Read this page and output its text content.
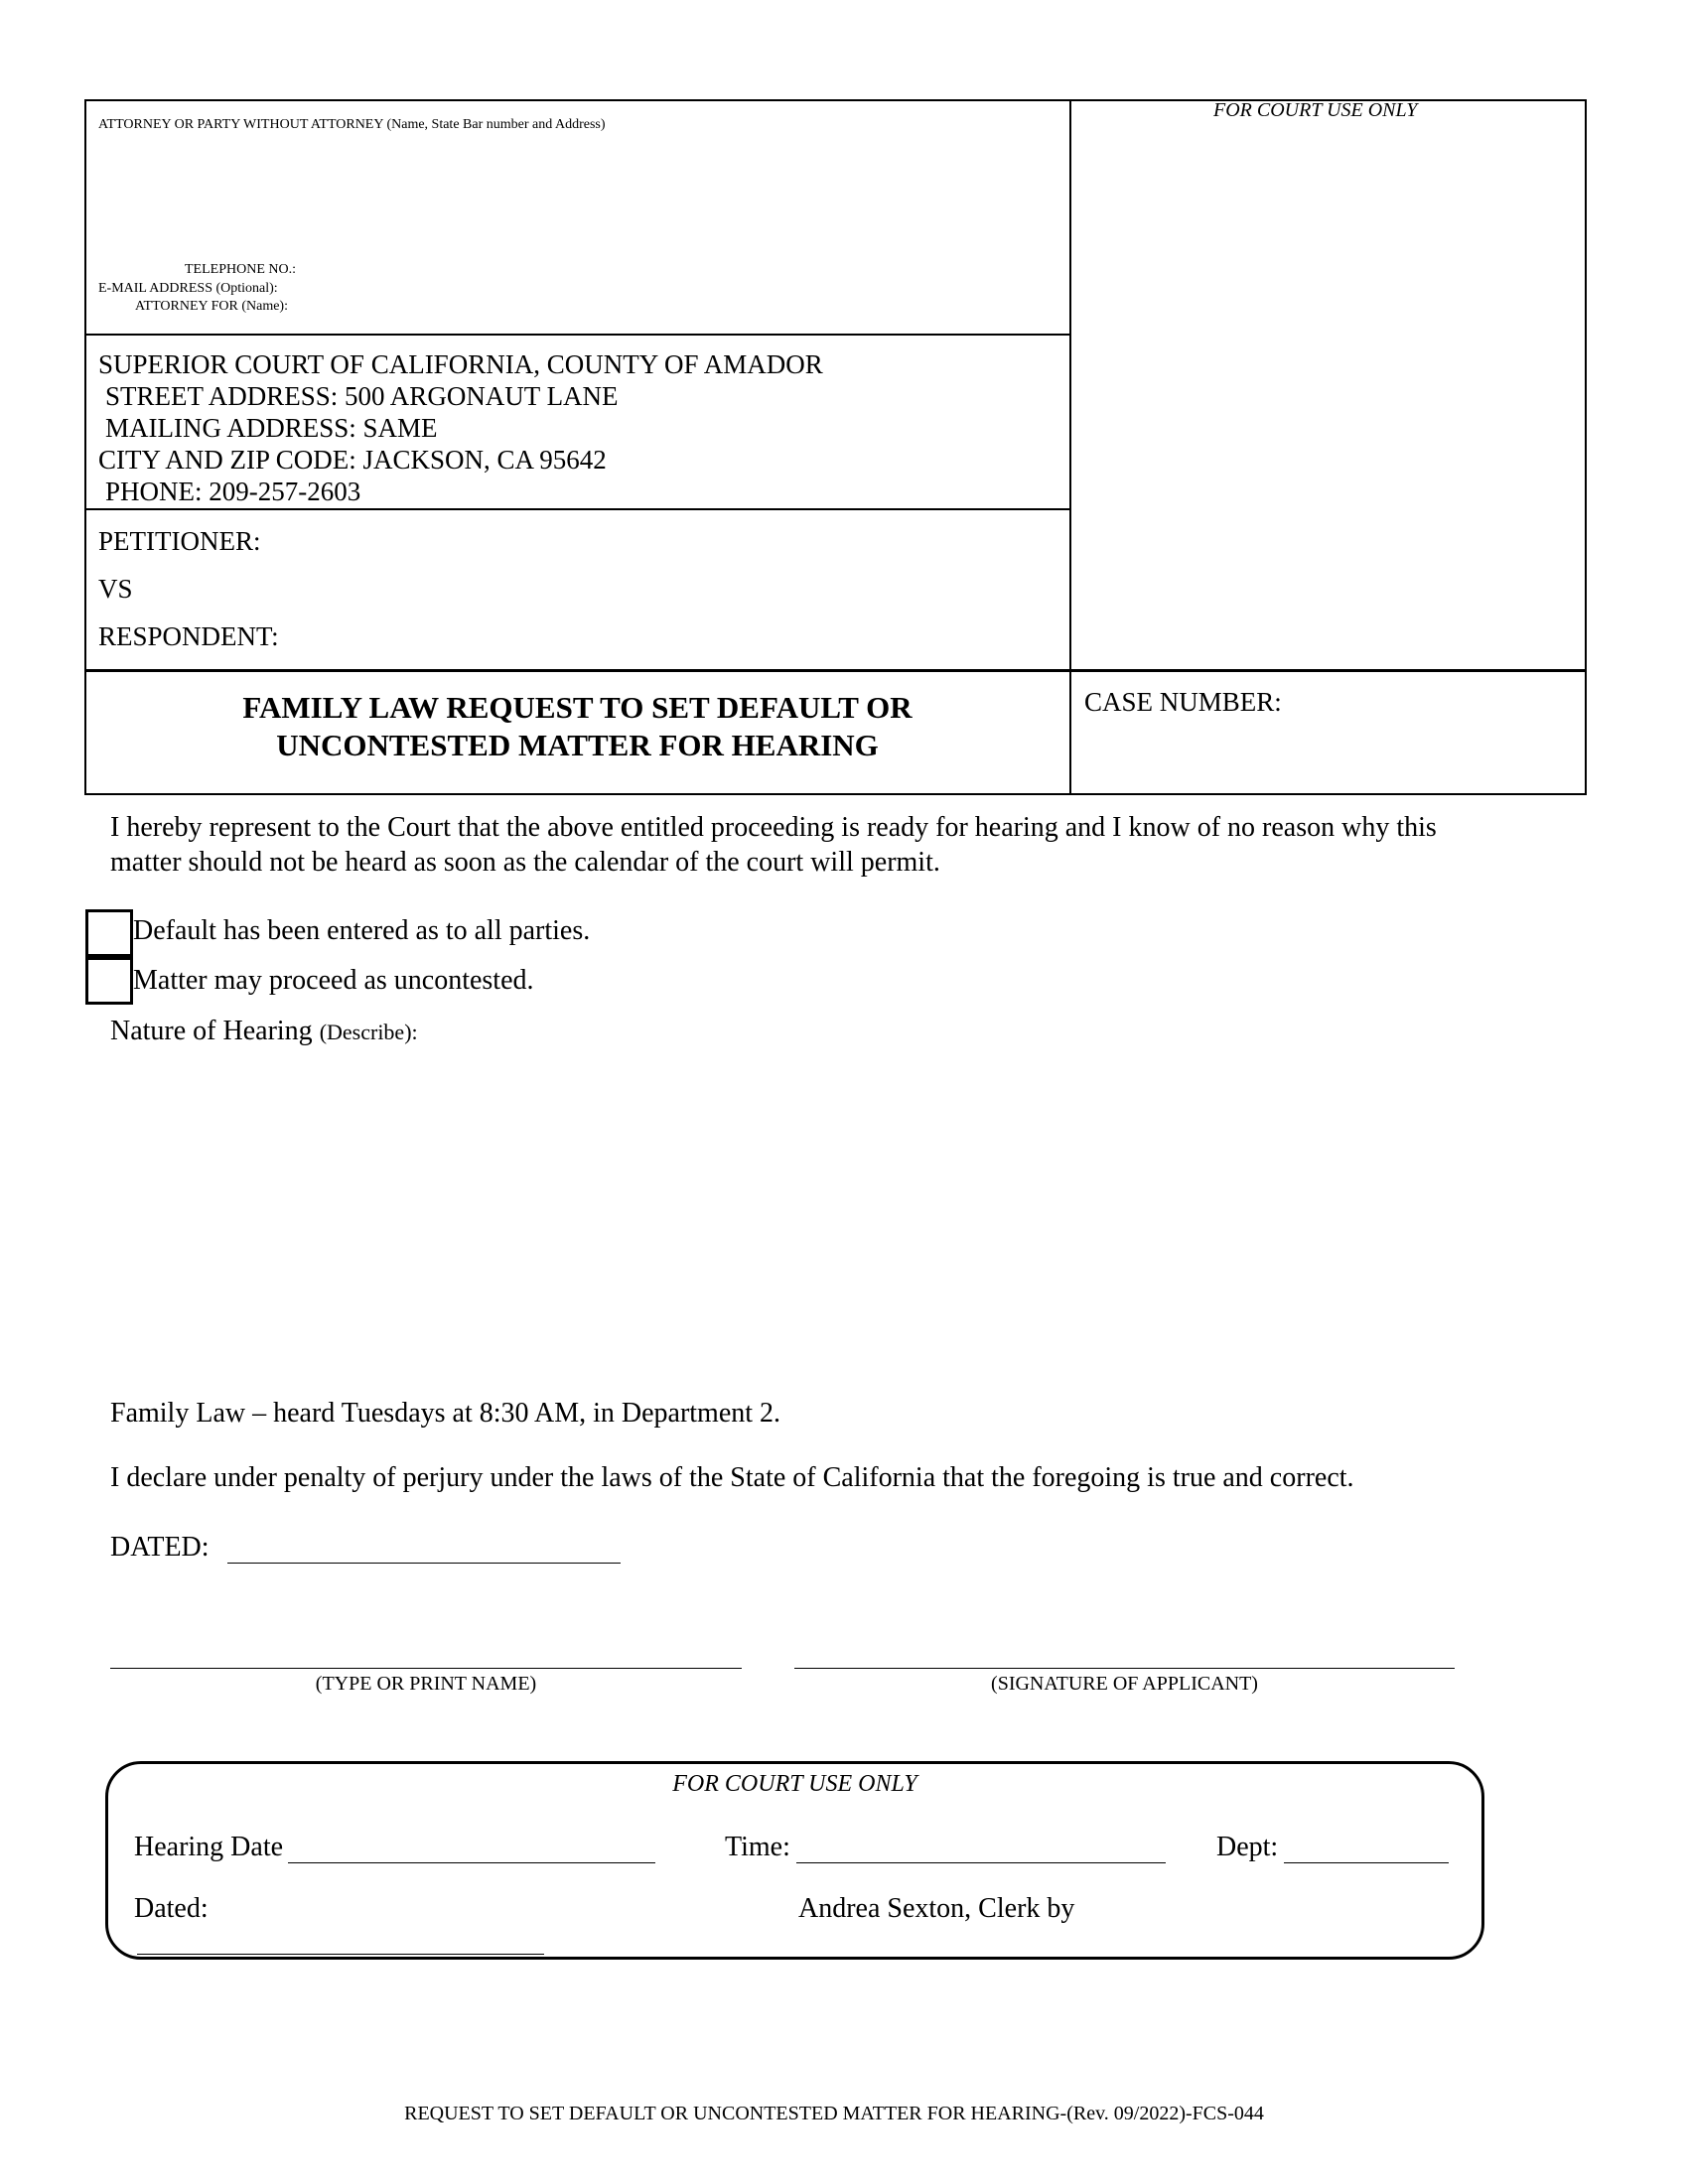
ATTORNEY OR PARTY WITHOUT ATTORNEY (Name, State Bar number and Address)
TELEPHONE NO.:
E-MAIL ADDRESS (Optional):
ATTORNEY FOR (Name):
FOR COURT USE ONLY
SUPERIOR COURT OF CALIFORNIA, COUNTY OF AMADOR
STREET ADDRESS: 500 ARGONAUT LANE
MAILING ADDRESS: SAME
CITY AND ZIP CODE: JACKSON, CA 95642
PHONE: 209-257-2603
PETITIONER:
VS
RESPONDENT:
FAMILY LAW REQUEST TO SET DEFAULT OR
UNCONTESTED MATTER FOR HEARING
CASE NUMBER:
I hereby represent to the Court that the above entitled proceeding is ready for hearing and I know of no reason why this
matter should not be heard as soon as the calendar of the court will permit.
Default has been entered as to all parties.
Matter may proceed as uncontested.
Nature of Hearing (Describe):
Family Law – heard Tuesdays at 8:30 AM, in Department 2.
I declare under penalty of perjury under the laws of the State of California that the foregoing is true and correct.
DATED:
(TYPE OR PRINT NAME)	(SIGNATURE OF APPLICANT)
FOR COURT USE ONLY
Hearing Date	Time:	Dept:
Dated:	Andrea Sexton, Clerk by
REQUEST TO SET DEFAULT OR UNCONTESTED MATTER FOR HEARING-(Rev. 09/2022)-FCS-044
